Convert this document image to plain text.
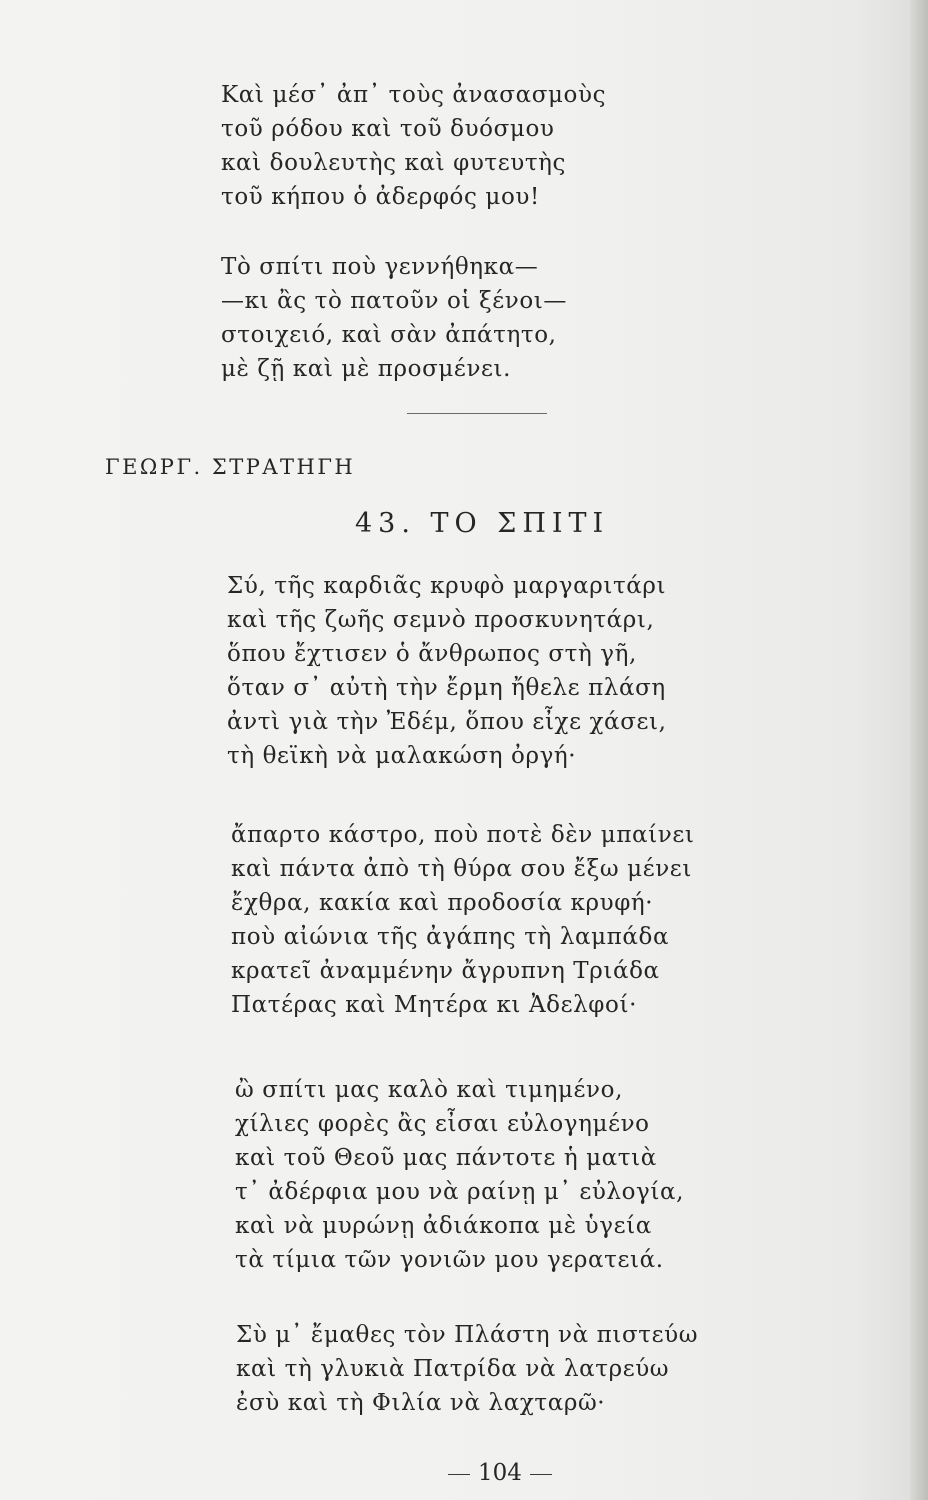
Καὶ μέσ᾿ ἀπ᾿ τοὺς ἀνασασμοὺς
τοῦ ρόδου καὶ τοῦ δυόσμου
καὶ δουλευτὴς καὶ φυτευτὴς
τοῦ κήπου ὁ ἀδερφός μου!
Τὸ σπίτι ποὺ γεννήθηκα—
—κι ἂς τὸ πατοῦν οἱ ξένοι—
στοιχειό, καὶ σὰν ἀπάτητο,
μὲ ζῇ καὶ μὲ προσμένει.
ΓΕΩΡΓ. ΣΤΡΑΤΗΓΗ
43. ΤΟ ΣΠΙΤΙ
Σύ, τῆς καρδιᾶς κρυφὸ μαργαριτάρι
καὶ τῆς ζωῆς σεμνὸ προσκυνητάρι,
ὅπου ἔχτισεν ὁ ἄνθρωπος στὴ γῆ,
ὅταν σ᾿ αὐτὴ τὴν ἔρμη ἤθελε πλάση
ἀντὶ γιὰ τὴν Ἐδέμ, ὅπου εἶχε χάσει,
τὴ θεϊκὴ νὰ μαλακώση ὀργή·
ἄπαρτο κάστρο, ποὺ ποτὲ δὲν μπαίνει
καὶ πάντα ἀπὸ τὴ θύρα σου ἔξω μένει
ἔχθρα, κακία καὶ προδοσία κρυφή·
ποὺ αἰώνια τῆς ἀγάπης τὴ λαμπάδα
κρατεῖ ἀναμμένην ἄγρυπνη Τριάδα
Πατέρας καὶ Μητέρα κι Ἀδελφοί·
ὢ σπίτι μας καλὸ καὶ τιμημένο,
χίλιες φορὲς ἂς εἶσαι εὐλογημένο
καὶ τοῦ Θεοῦ μας πάντοτε ἡ ματιὰ
τ᾿ ἀδέρφια μου νὰ ραίνῃ μ᾿ εὐλογία,
καὶ νὰ μυρώνῃ ἀδιάκοπα μὲ ὑγεία
τὰ τίμια τῶν γονιῶν μου γερατειά.
Σὺ μ᾿ ἔμαθες τὸν Πλάστη νὰ πιστεύω
καὶ τὴ γλυκιὰ Πατρίδα νὰ λατρεύω
ἐσὺ καὶ τὴ Φιλία νὰ λαχταρῶ·
104
